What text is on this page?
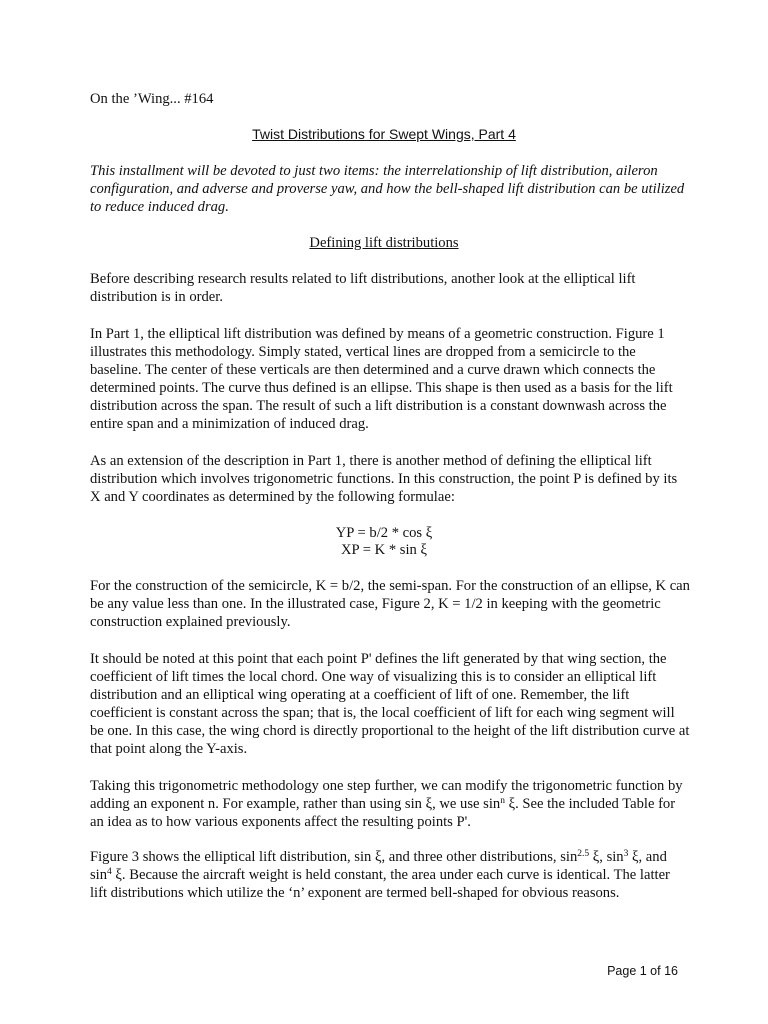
On the ’Wing... #164

Twist Distributions for Swept Wings, Part 4

This installment will be devoted to just two items: the interrelationship of lift distribution, aileron configuration, and adverse and proverse yaw, and how the bell-shaped lift distribution can be utilized to reduce induced drag.

Defining lift distributions

Before describing research results related to lift distributions, another look at the elliptical lift distribution is in order.

In Part 1, the elliptical lift distribution was defined by means of a geometric construction. Figure 1 illustrates this methodology. Simply stated, vertical lines are dropped from a semicircle to the baseline. The center of these verticals are then determined and a curve drawn which connects the determined points. The curve thus defined is an ellipse. This shape is then used as a basis for the lift distribution across the span. The result of such a lift distribution is a constant downwash across the entire span and a minimization of induced drag.

As an extension of the description in Part 1, there is another method of defining the elliptical lift distribution which involves trigonometric functions. In this construction, the point P is defined by its X and Y coordinates as determined by the following formulae:

YP = b/2 * cos ξ
XP = K * sin ξ

For the construction of the semicircle, K = b/2, the semi-span. For the construction of an ellipse, K can be any value less than one. In the illustrated case, Figure 2, K = 1/2 in keeping with the geometric construction explained previously.

It should be noted at this point that each point P' defines the lift generated by that wing section, the coefficient of lift times the local chord. One way of visualizing this is to consider an elliptical lift distribution and an elliptical wing operating at a coefficient of lift of one. Remember, the lift coefficient is constant across the span; that is, the local coefficient of lift for each wing segment will be one. In this case, the wing chord is directly proportional to the height of the lift distribution curve at that point along the Y-axis.

Taking this trigonometric methodology one step further, we can modify the trigonometric function by adding an exponent n. For example, rather than using sin ξ, we use $\sin^n \xi$. See the included Table for an idea as to how various exponents affect the resulting points P'.

Figure 3 shows the elliptical lift distribution, sin ξ, and three other distributions, $\sin^{2.5} \xi$, $\sin^3 \xi$, and $\sin^4 \xi$. Because the aircraft weight is held constant, the area under each curve is identical. The latter lift distributions which utilize the ‘n’ exponent are termed bell-shaped for obvious reasons.

Page 1 of 16
